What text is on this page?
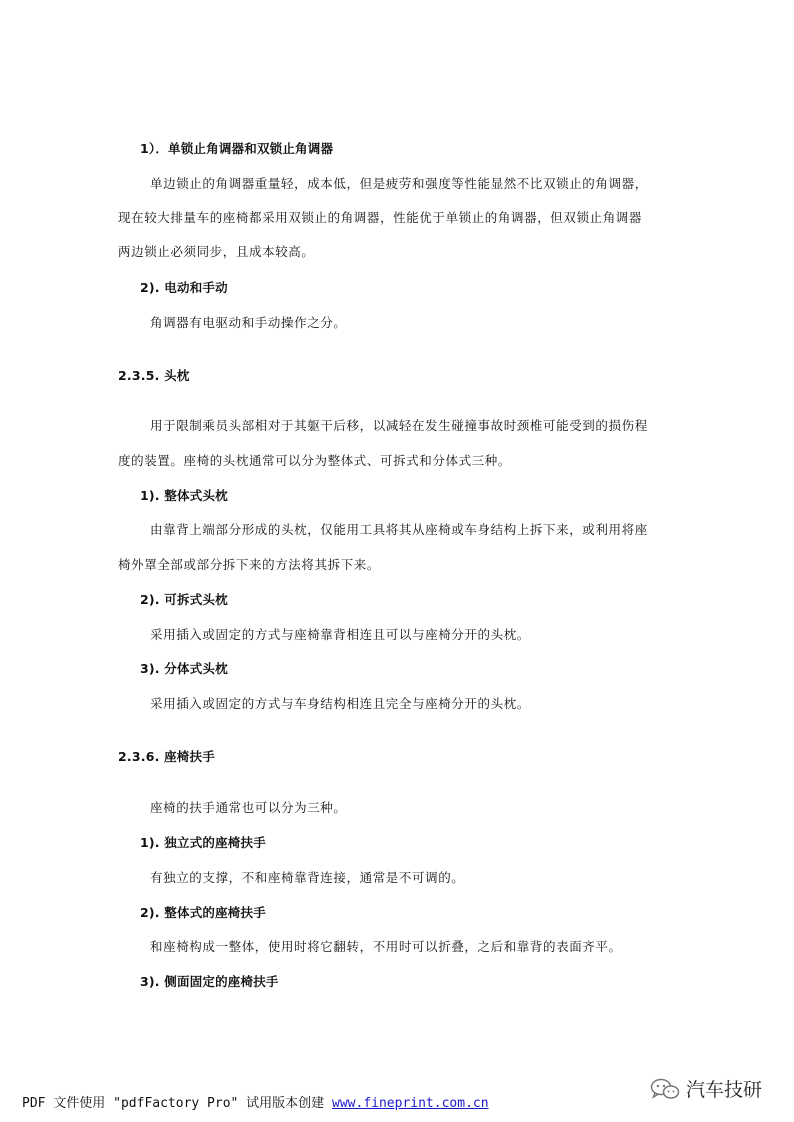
1）．单锁止角调器和双锁止角调器
单边锁止的角调器重量轻，成本低，但是疲劳和强度等性能显然不比双锁止的角调器，
现在较大排量车的座椅都采用双锁止的角调器，性能优于单锁止的角调器，但双锁止角调器
两边锁止必须同步，且成本较高。
2). 电动和手动
角调器有电驱动和手动操作之分。
2.3.5. 头枕
用于限制乘员头部相对于其躯干后移，以减轻在发生碰撞事故时颈椎可能受到的损伤程
度的装置。座椅的头枕通常可以分为整体式、可拆式和分体式三种。
1). 整体式头枕
由靠背上端部分形成的头枕，仅能用工具将其从座椅或车身结构上拆下来，或利用将座
椅外罩全部或部分拆下来的方法将其拆下来。
2). 可拆式头枕
采用插入或固定的方式与座椅靠背相连且可以与座椅分开的头枕。
3). 分体式头枕
采用插入或固定的方式与车身结构相连且完全与座椅分开的头枕。
2.3.6. 座椅扶手
座椅的扶手通常也可以分为三种。
1). 独立式的座椅扶手
有独立的支撑，不和座椅靠背连接，通常是不可调的。
2). 整体式的座椅扶手
和座椅构成一整体，使用时将它翻转，不用时可以折叠，之后和靠背的表面齐平。
3). 侧面固定的座椅扶手
PDF 文件使用 "pdfFactory Pro" 试用版本创建 www.fineprint.com.cn
汽车技研
